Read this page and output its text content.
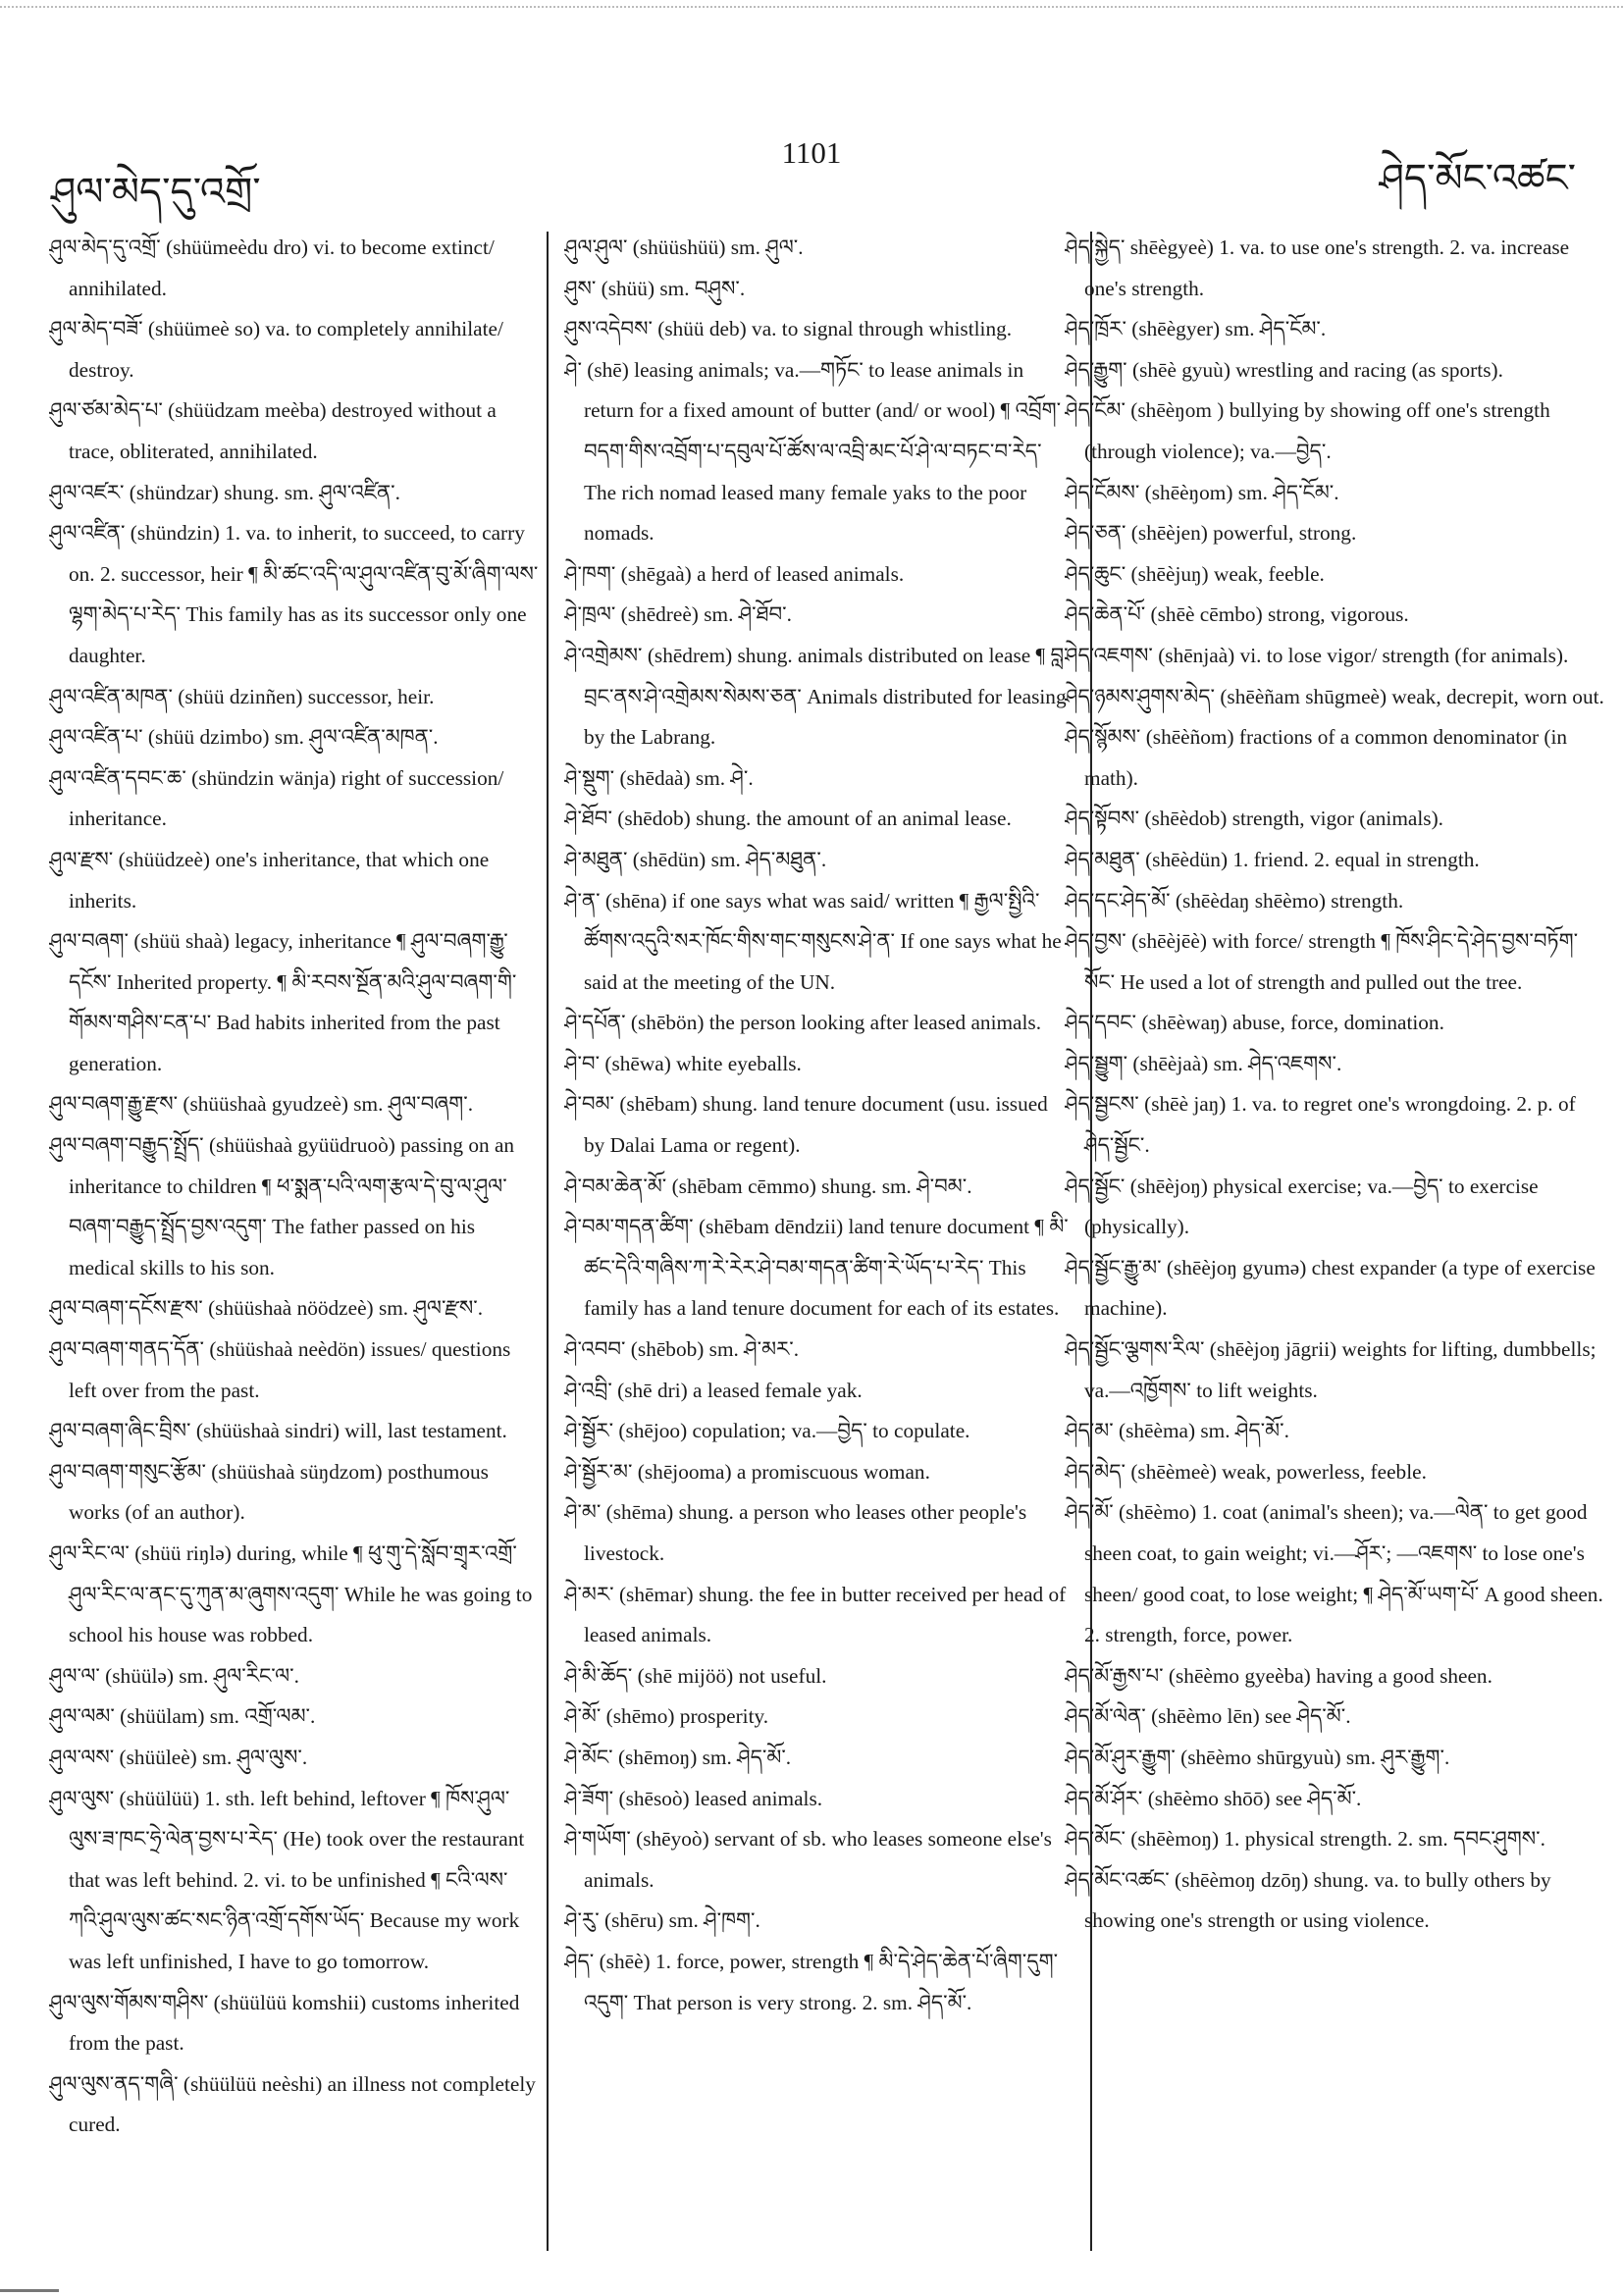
ཤུལ་མེད་དུ་འགྲོ་
1101
ཤེད་མོང་འཚང་

ཤུལ་མེད་དུ་འགྲོ་ (shüümeèdu dro) vi. to become extinct/ annihilated.

ཤུལ་མེད་བཟོ་ (shüümeè so) va. to completely annihilate/ destroy.

ཤུལ་ཙམ་མེད་པ་ (shüüdzam meèba) destroyed without a trace, obliterated, annihilated.

ཤུལ་འཛར་ (shündzar) shung. sm. ཤུལ་འཛིན་.

ཤུལ་འཛིན་ (shündzin) 1. va. to inherit, to succeed, to carry on. 2. successor, heir ¶ མི་ཚང་འདི་ལ་ཤུལ་འཛིན་བུ་མོ་ཞིག་ལས་ལྷག་མེད་པ་རེད་ This family has as its successor only one daughter.

ཤུལ་འཛིན་མཁན་ (shüü dzinñen) successor, heir.

ཤུལ་འཛིན་པ་ (shüü dzimbo) sm. ཤུལ་འཛིན་མཁན་.

ཤུལ་འཛིན་དབང་ཆ་ (shündzin wänja) right of succession/ inheritance.

ཤུལ་རྫས་ (shüüdzeè) one's inheritance, that which one inherits.

ཤུལ་བཞག་ (shüü shaà) legacy, inheritance ¶ ཤུལ་བཞག་རྒྱུ་དངོས་ Inherited property. ¶ མི་རབས་སྔོན་མའི་ཤུལ་བཞག་གི་གོམས་གཤིས་ངན་པ་ Bad habits inherited from the past generation.

ཤུལ་བཞག་རྒྱུ་རྫས་ (shüüshaà gyudzeè) sm. ཤུལ་བཞག་.

ཤུལ་བཞག་བརྒྱུད་སྤྲོད་ (shüüshaà gyüüdruoò) passing on an inheritance to children ¶ ཕ་སྨན་པའི་ལག་རྩལ་དེ་བུ་ལ་ཤུལ་བཞག་བརྒྱུད་སྤྲོད་བྱས་འདུག་ The father passed on his medical skills to his son.

ཤུལ་བཞག་དངོས་རྫས་ (shüüshaà nöödzeè) sm. ཤུལ་རྫས་.

ཤུལ་བཞག་གནད་དོན་ (shüüshaà neèdön) issues/ questions left over from the past.

ཤུལ་བཞག་ཞིང་བྲིས་ (shüüshaà sindri) will, last testament.

ཤུལ་བཞག་གསུང་རྩོམ་ (shüüshaà süŋdzom) posthumous works (of an author).

ཤུལ་རིང་ལ་ (shüü riŋlə) during, while ¶ ཕུ་གུ་དེ་སློབ་གྲྭར་འགྲོ་ཤུལ་རིང་ལ་ནང་དུ་ཀུན་མ་ཞུགས་འདུག་ While he was going to school his house was robbed.

ཤུལ་ལ་ (shüülə) sm. ཤུལ་རིང་ལ་.

ཤུལ་ལམ་ (shüülam) sm. འགྲོ་ལམ་.

ཤུལ་ལས་ (shüüleè) sm. ཤུལ་ལུས་.

ཤུལ་ལུས་ (shüülüü) 1. sth. left behind, leftover ¶ ཁོས་ཤུལ་ལུས་ཟ་ཁང་ཧྲེ་ལེན་བྱས་པ་རེད་ (He) took over the restaurant that was left behind. 2. vi. to be unfinished ¶ ངའི་ལས་ཀའི་ཤུལ་ལུས་ཚང་སང་ཉིན་འགྲོ་དགོས་ཡོད་ Because my work was left unfinished, I have to go tomorrow.

ཤུལ་ལུས་གོམས་གཤིས་ (shüülüü komshii) customs inherited from the past.

ཤུལ་ལུས་ནད་གཞི་ (shüülüü neèshi) an illness not completely cured.

ཤུལ་ཤུལ་ (shüüshüü) sm. ཤུལ་.

ཤུས་ (shüü) sm. བཤུས་.

ཤུས་འདེབས་ (shüü deb) va. to signal through whistling.

ཤེ་ (shē) leasing animals; va.—གཏོང་ to lease animals in return for a fixed amount of butter (and/ or wool) ¶ འབྲོག་བདག་གིས་འབྲོག་པ་དབུལ་པོ་ཚོས་ལ་འབྲི་མང་པོ་ཤེ་ལ་བཏང་བ་རེད་ The rich nomad leased many female yaks to the poor nomads.

ཤེ་ཁག་ (shēgaà) a herd of leased animals.

ཤེ་ཁྲལ་ (shēdreè) sm. ཤེ་ཐོབ་.

ཤེ་འགྲེམས་ (shēdrem) shung. animals distributed on lease ¶ བླ་བྲང་ནས་ཤེ་འགྲེམས་སེམས་ཅན་ Animals distributed for leasing by the Labrang.

ཤེ་སྡུག་ (shēdaà) sm. ཤེ་.

ཤེ་ཐོབ་ (shēdob) shung. the amount of an animal lease.

ཤེ་མཐུན་ (shēdün) sm. ཤེད་མཐུན་.

ཤེ་ན་ (shēna) if one says what was said/ written ¶ རྒྱལ་སྤྱིའི་ཚོགས་འདུའི་སར་ཁོང་གིས་གང་གསུངས་ཤེ་ན་ If one says what he said at the meeting of the UN.

ཤེ་དཔོན་ (shēbön) the person looking after leased animals.

ཤེ་བ་ (shēwa) white eyeballs.

ཤེ་བམ་ (shēbam) shung. land tenure document (usu. issued by Dalai Lama or regent).

ཤེ་བམ་ཆེན་མོ་ (shēbam cēmmo) shung. sm. ཤེ་བམ་.

ཤེ་བམ་གདན་ཚིག་ (shēbam dēndzii) land tenure document ¶ མི་ཚང་དེའི་གཞིས་ཀ་རེ་རེར་ཤེ་བམ་གདན་ཚིག་རེ་ཡོད་པ་རེད་ This family has a land tenure document for each of its estates.

ཤེ་འབབ་ (shēbob) sm. ཤེ་མར་.

ཤེ་འབྲི་ (shē dri) a leased female yak.

ཤེ་སྦྱོར་ (shējoo) copulation; va.—བྱེད་ to copulate.

ཤེ་སྦྱོར་མ་ (shējooma) a promiscuous woman.

ཤེ་མ་ (shēma) shung. a person who leases other people's livestock.

ཤེ་མར་ (shēmar) shung. the fee in butter received per head of leased animals.

ཤེ་མི་ཆོད་ (shē mijöö) not useful.

ཤེ་མོ་ (shēmo) prosperity.

ཤེ་མོང་ (shēmoŋ) sm. ཤེད་མོ་.

ཤེ་ཟོག་ (shēsoò) leased animals.

ཤེ་གཡོག་ (shēyoò) servant of sb. who leases someone else's animals.

ཤེ་རུ་ (shēru) sm. ཤེ་ཁག་.

ཤེད་ (shēè) 1. force, power, strength ¶ མི་དེ་ཤེད་ཆེན་པོ་ཞིག་དུག་འདུག་ That person is very strong. 2. sm. ཤེད་མོ་.

ཤེད་སྐྱེད་ shēègyeè) 1. va. to use one's strength. 2. va. increase one's strength.

ཤེད་ཁྲོར་ (shēègyer) sm. ཤེད་ངོམ་.

ཤེད་རྒྱུག་ (shēè gyuù) wrestling and racing (as sports).

ཤེད་ངོམ་ (shēèŋom ) bullying by showing off one's strength (through violence); va.—བྱེད་.

ཤེད་ངོམས་ (shēèŋom) sm. ཤེད་ངོམ་.

ཤེད་ཅན་ (shēèjen) powerful, strong.

ཤེད་ཆུང་ (shēèjuŋ) weak, feeble.

ཤེད་ཆེན་པོ་ (shēè cēmbo) strong, vigorous.

ཤེད་འཇགས་ (shēnjaà) vi. to lose vigor/ strength (for animals).

ཤེད་ཉམས་ཤུགས་མེད་ (shēèñam shūgmeè) weak, decrepit, worn out.

ཤེད་སྙོམས་ (shēèñom) fractions of a common denominator (in math).

ཤེད་སྟོབས་ (shēèdob) strength, vigor (animals).

ཤེད་མཐུན་ (shēèdün) 1. friend. 2. equal in strength.

ཤེད་དང་ཤེད་མོ་ (shēèdaŋ shēèmo) strength.

ཤེད་བྱས་ (shēèjēè) with force/ strength ¶ ཁོས་ཤིང་དེ་ཤེད་བྱས་བཏོག་སོང་ He used a lot of strength and pulled out the tree.

ཤེད་དབང་ (shēèwaŋ) abuse, force, domination.

ཤེད་སྦྱུག་ (shēèjaà) sm. ཤེད་འཇགས་.

ཤེད་སྦྱངས་ (shēè jaŋ) 1. va. to regret one's wrongdoing. 2. p. of ཤེད་སྦྱོང་.

ཤེད་སྦྱོང་ (shēèjoŋ) physical exercise; va.—བྱེད་ to exercise (physically).

ཤེད་སྦྱོང་རྒྱུ་མ་ (shēèjoŋ gyumə) chest expander (a type of exercise machine).

ཤེད་སྦྱོང་ལྕགས་རིལ་ (shēèjoŋ jāgrii) weights for lifting, dumbbells; va.—འཁྱོགས་ to lift weights.

ཤེད་མ་ (shēèma) sm. ཤེད་མོ་.

ཤེད་མེད་ (shēèmeè) weak, powerless, feeble.

ཤེད་མོ་ (shēèmo) 1. coat (animal's sheen); va.—ལེན་ to get good sheen coat, to gain weight; vi.—ཤོར་; —འཇགས་ to lose one's sheen/ good coat, to lose weight; ¶ ཤེད་མོ་ཡག་པོ་ A good sheen. 2. strength, force, power.

ཤེད་མོ་རྒྱས་པ་ (shēèmo gyeèba) having a good sheen.

ཤེད་མོ་ལེན་ (shēèmo lēn) see ཤེད་མོ་.

ཤེད་མོ་ཤུར་རྒྱུག་ (shēèmo shūrgyuù) sm. ཤུར་རྒྱུག་.

ཤེད་མོ་ཤོར་ (shēèmo shōō) see ཤེད་མོ་.

ཤེད་མོང་ (shēèmoŋ) 1. physical strength. 2. sm. དབང་ཤུགས་.

ཤེད་མོང་འཚང་ (shēèmoŋ dzōŋ) shung. va. to bully others by showing one's strength or using violence.
